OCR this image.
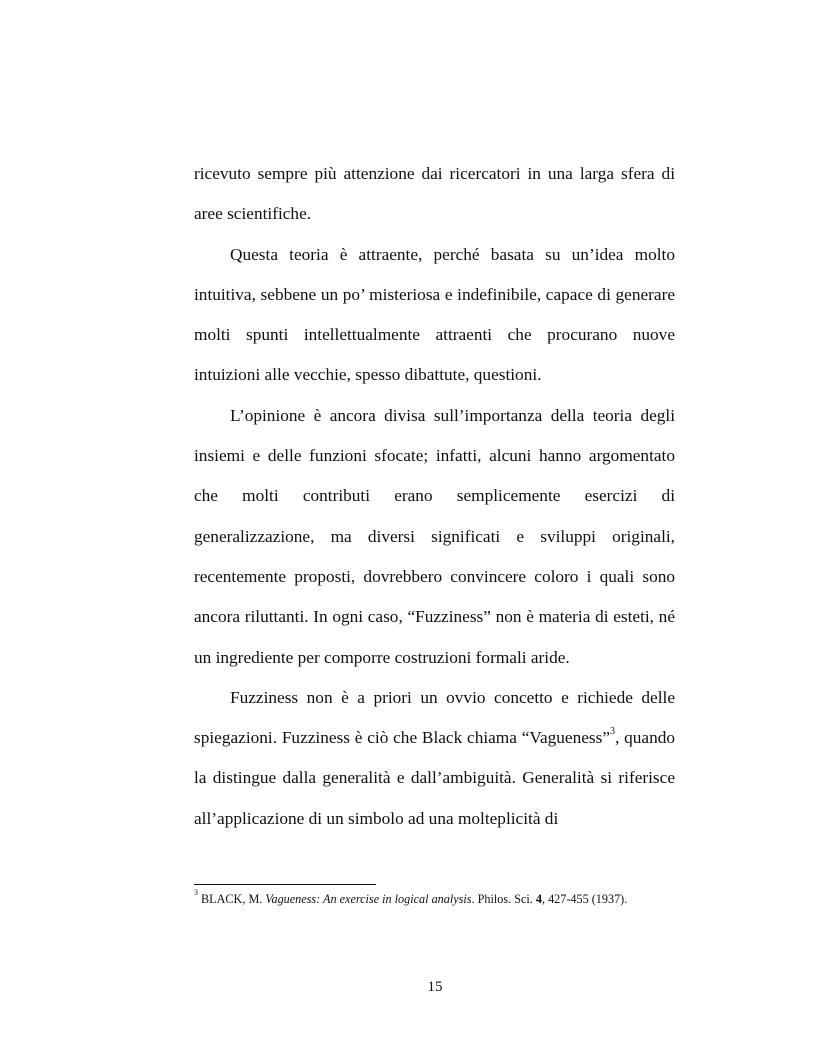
ricevuto sempre più attenzione dai ricercatori in una larga sfera di aree scientifiche.

Questa teoria è attraente, perché basata su un’idea molto intuitiva, sebbene un po’ misteriosa e indefinibile, capace di generare molti spunti intellettualmente attraenti che procurano nuove intuizioni alle vecchie, spesso dibattute, questioni.

L’opinione è ancora divisa sull’importanza della teoria degli insiemi e delle funzioni sfocate; infatti, alcuni hanno argomentato che molti contributi erano semplicemente esercizi di generalizzazione, ma diversi significati e sviluppi originali, recentemente proposti, dovrebbero convincere coloro i quali sono ancora riluttanti. In ogni caso, “Fuzziness” non è materia di esteti, né un ingrediente per comporre costruzioni formali aride.

Fuzziness non è a priori un ovvio concetto e richiede delle spiegazioni. Fuzziness è ciò che Black chiama “Vagueness”$^3$, quando la distingue dalla generalità e dall’ambiguità. Generalità si riferisce all’applicazione di un simbolo ad una molteplicità di

$^3$ BLACK, M. Vagueness: An exercise in logical analysis. Philos. Sci. 4, 427-455 (1937).
15
